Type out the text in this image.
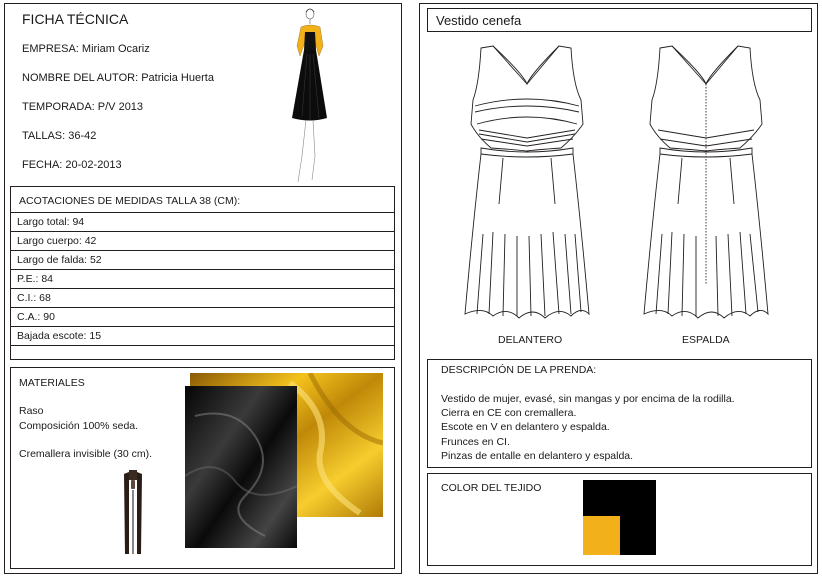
FICHA TÉCNICA
EMPRESA: Miriam Ocariz
NOMBRE DEL AUTOR: Patricia Huerta
TEMPORADA: P/V 2013
TALLAS: 36-42
FECHA: 20-02-2013
ACOTACIONES DE MEDIDAS TALLA 38 (CM):
Largo total: 94
Largo cuerpo: 42
Largo de falda: 52
P.E.: 84
C.I.: 68
C.A.: 90
Bajada escote: 15
MATERIALES
Raso
Composición 100% seda.
Cremallera invisible (30 cm).
Vestido cenefa
DELANTERO	ESPALDA
DESCRIPCIÓN DE LA PRENDA:
Vestido de mujer, evasé, sin mangas y por encima de la rodilla.
Cierra en CE con cremallera.
Escote en V en delantero y espalda.
Frunces en CI.
Pinzas de entalle en delantero y espalda.
COLOR DEL TEJIDO
